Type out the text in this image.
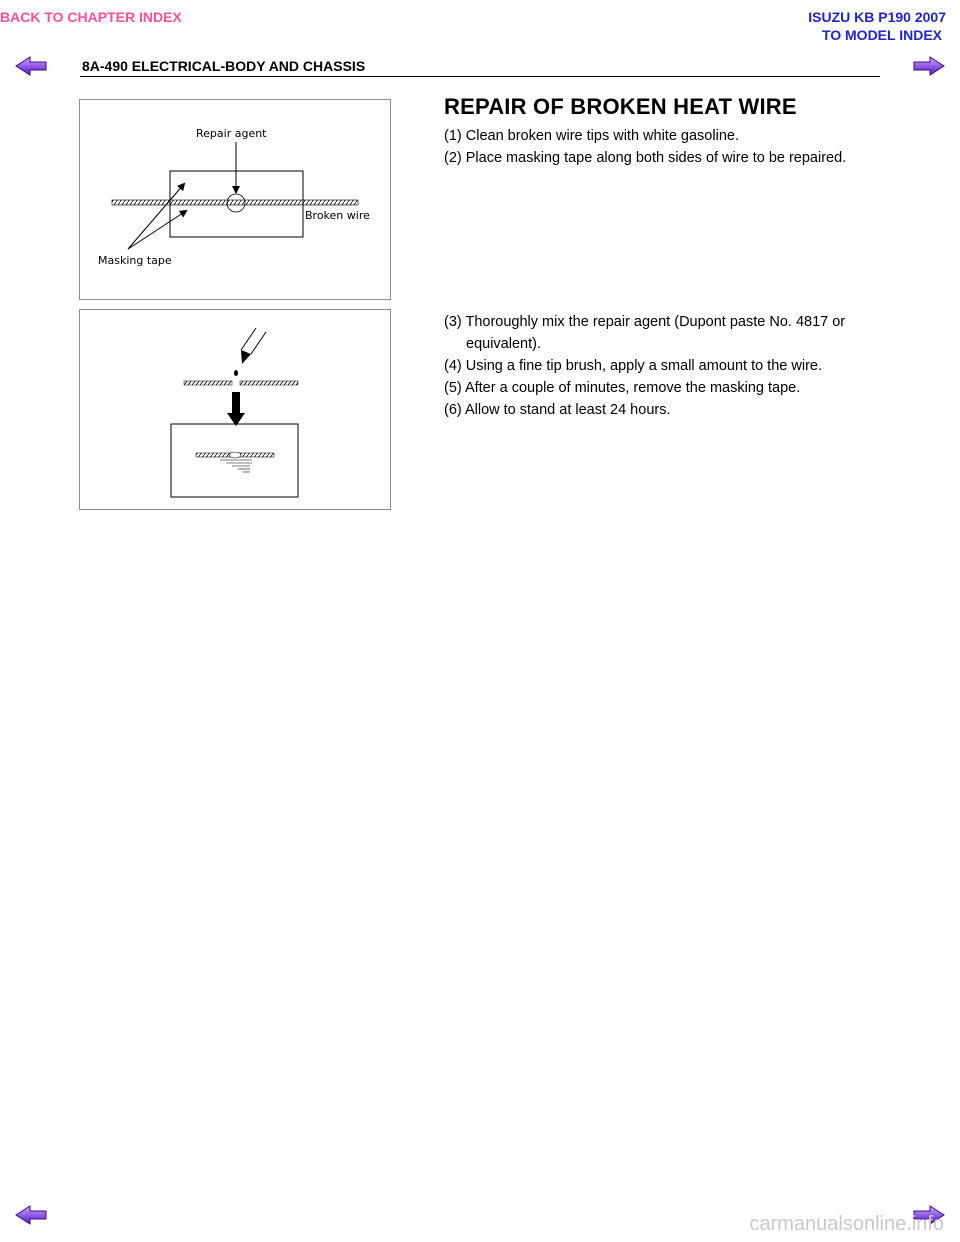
BACK TO CHAPTER INDEX	ISUZU KB P190 2007
TO MODEL INDEX
8A-490 ELECTRICAL-BODY AND CHASSIS
Repair agent
Broken wire
Masking tape
REPAIR OF BROKEN HEAT WIRE
(1) Clean broken wire tips with white gasoline.
(2) Place masking tape along both sides of wire to be repaired.
(3) Thoroughly mix the repair agent (Dupont paste No. 4817 or
equivalent).
(4) Using a fine tip brush, apply a small amount to the wire.
(5) After a couple of minutes, remove the masking tape.
(6) Allow to stand at least 24 hours.
carmanualsonline.info
